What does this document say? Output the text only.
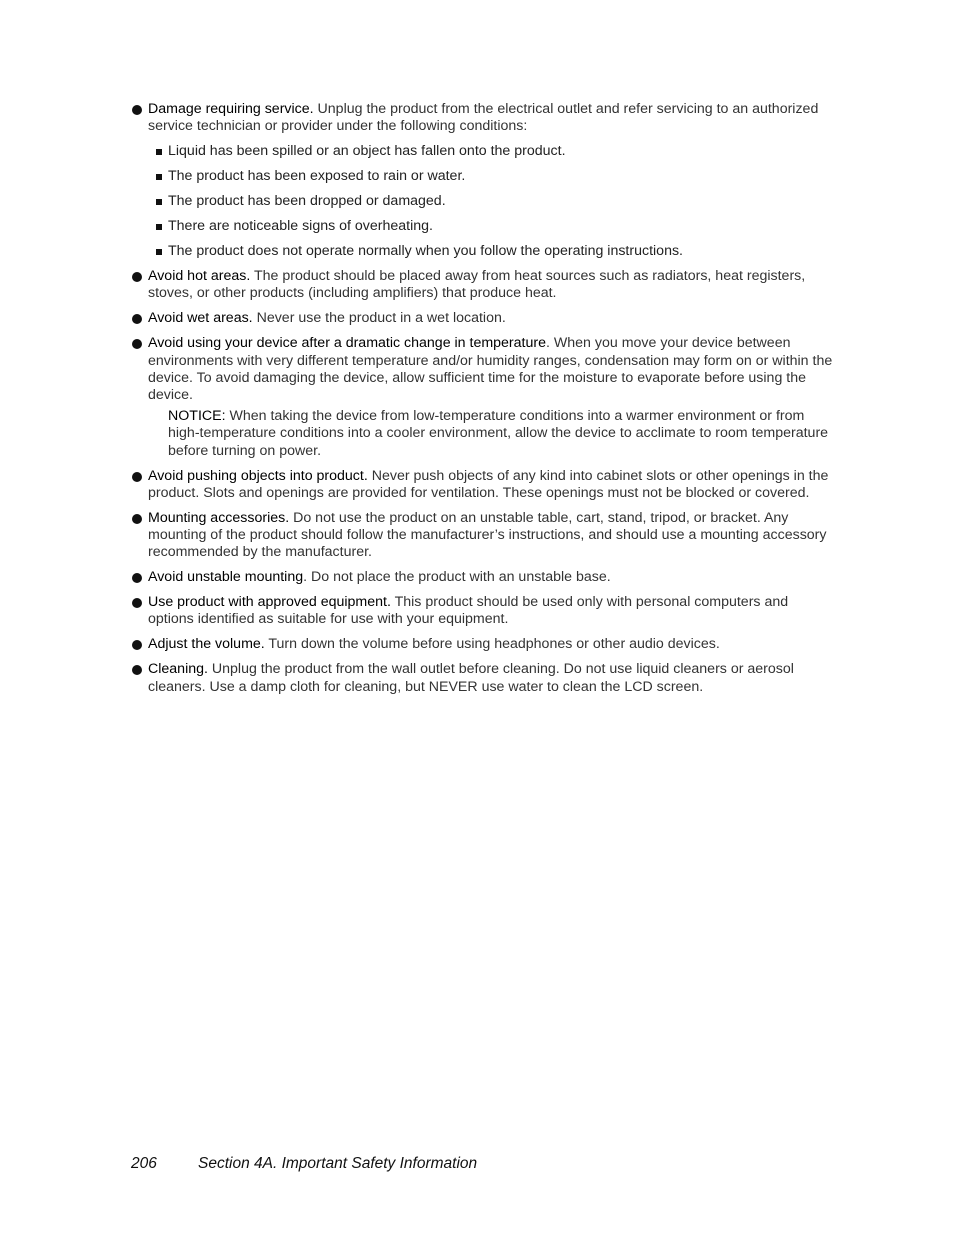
Damage requiring service. Unplug the product from the electrical outlet and refer servicing to an authorized service technician or provider under the following conditions:
Liquid has been spilled or an object has fallen onto the product.
The product has been exposed to rain or water.
The product has been dropped or damaged.
There are noticeable signs of overheating.
The product does not operate normally when you follow the operating instructions.
Avoid hot areas. The product should be placed away from heat sources such as radiators, heat registers, stoves, or other products (including amplifiers) that produce heat.
Avoid wet areas. Never use the product in a wet location.
Avoid using your device after a dramatic change in temperature. When you move your device between environments with very different temperature and/or humidity ranges, condensation may form on or within the device. To avoid damaging the device, allow sufficient time for the moisture to evaporate before using the device.
NOTICE: When taking the device from low-temperature conditions into a warmer environment or from high-temperature conditions into a cooler environment, allow the device to acclimate to room temperature before turning on power.
Avoid pushing objects into product. Never push objects of any kind into cabinet slots or other openings in the product. Slots and openings are provided for ventilation. These openings must not be blocked or covered.
Mounting accessories. Do not use the product on an unstable table, cart, stand, tripod, or bracket. Any mounting of the product should follow the manufacturer’s instructions, and should use a mounting accessory recommended by the manufacturer.
Avoid unstable mounting. Do not place the product with an unstable base.
Use product with approved equipment. This product should be used only with personal computers and options identified as suitable for use with your equipment.
Adjust the volume. Turn down the volume before using headphones or other audio devices.
Cleaning. Unplug the product from the wall outlet before cleaning. Do not use liquid cleaners or aerosol cleaners. Use a damp cloth for cleaning, but NEVER use water to clean the LCD screen.
206	Section 4A. Important Safety Information
